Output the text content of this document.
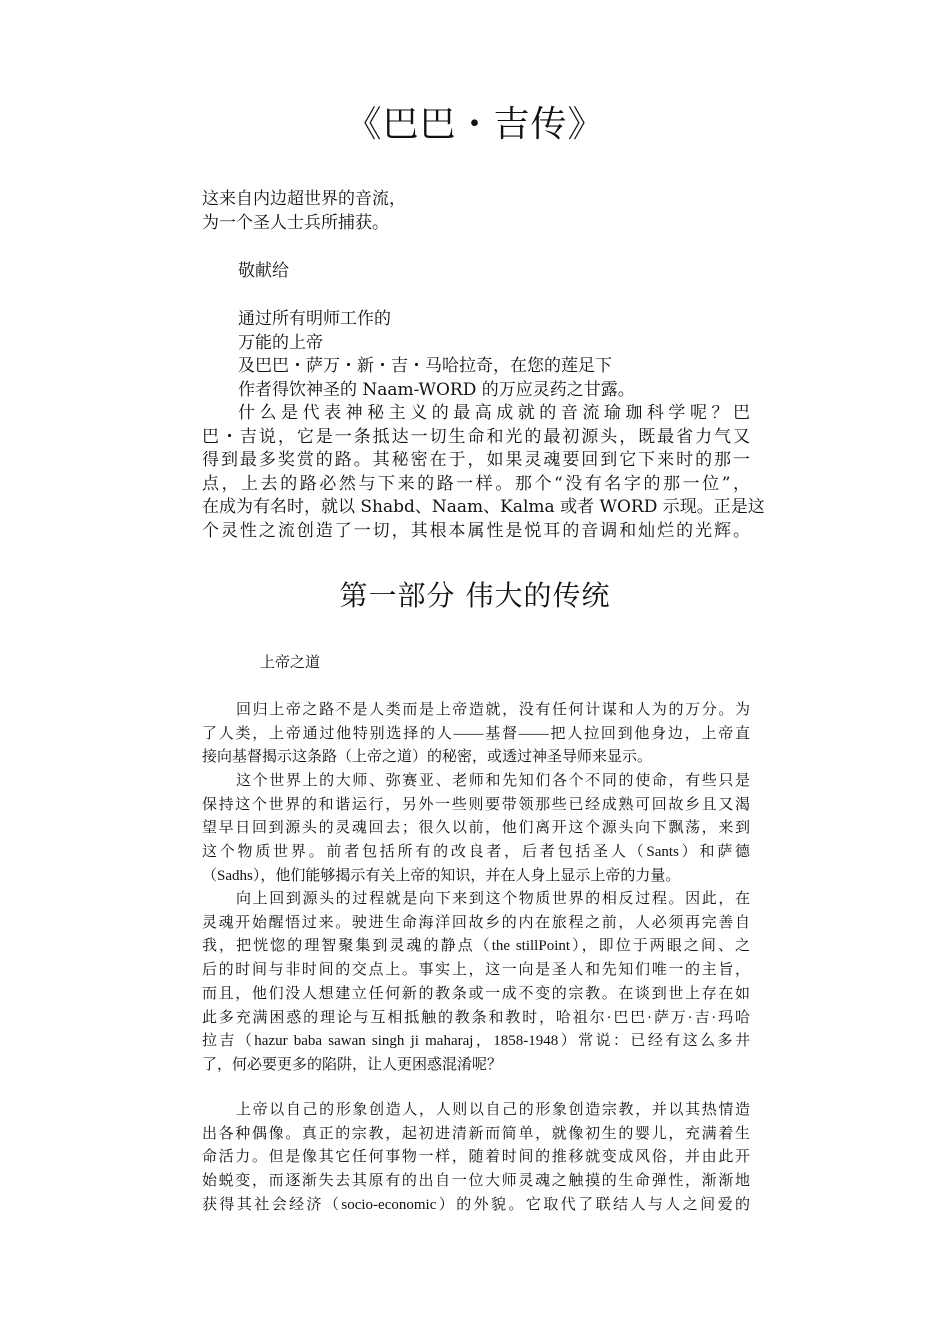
《巴巴・吉传》
这来自内边超世界的音流，
为一个圣人士兵所捕获。
敬献给
通过所有明师工作的
万能的上帝
及巴巴・萨万・新・吉・马哈拉奇，在您的莲足下
作者得饮神圣的 Naam-WORD 的万应灵药之甘露。
什么是代表神秘主义的最高成就的音流瑜珈科学呢？巴
巴・吉说，它是一条抵达一切生命和光的最初源头，既最省力气又
得到最多奖赏的路。其秘密在于，如果灵魂要回到它下来时的那一
点，上去的路必然与下来的路一样。那个“没有名字的那一位”，
在成为有名时，就以 Shabd、Naam、Kalma 或者 WORD 示现。正是这
个灵性之流创造了一切，其根本属性是悦耳的音调和灿烂的光辉。
第一部分 伟大的传统
上帝之道
回归上帝之路不是人类而是上帝造就，没有任何计谋和人为的万分。为
了人类，上帝通过他特别选择的人——基督——把人拉回到他身边，上帝直
接向基督揭示这条路（上帝之道）的秘密，或透过神圣导师来显示。
这个世界上的大师、弥赛亚、老师和先知们各个不同的使命，有些只是
保持这个世界的和谐运行，另外一些则要带领那些已经成熟可回故乡且又渴
望早日回到源头的灵魂回去；很久以前，他们离开这个源头向下飘荡，来到
这个物质世界。前者包括所有的改良者，后者包括圣人（Sants）和萨德
（Sadhs），他们能够揭示有关上帝的知识，并在人身上显示上帝的力量。
向上回到源头的过程就是向下来到这个物质世界的相反过程。因此，在
灵魂开始醒悟过来。驶进生命海洋回故乡的内在旅程之前，人必须再完善自
我，把恍惚的理智聚集到灵魂的静点（the stillPoint），即位于两眼之间、之
后的时间与非时间的交点上。事实上，这一向是圣人和先知们唯一的主旨，
而且，他们没人想建立任何新的教条或一成不变的宗教。在谈到世上存在如
此多充满困惑的理论与互相抵触的教条和教时，哈祖尔·巴巴·萨万·吉·玛哈
拉吉（hazur baba sawan singh ji maharaj，1858-1948）常说：已经有这么多井
了，何必要更多的陷阱，让人更困惑混淆呢？
上帝以自己的形象创造人，人则以自己的形象创造宗教，并以其热情造
出各种偶像。真正的宗教，起初进清新而简单，就像初生的婴儿，充满着生
命活力。但是像其它任何事物一样，随着时间的推移就变成风俗，并由此开
始蜕变，而逐渐失去其原有的出自一位大师灵魂之触摸的生命弹性，渐渐地
获得其社会经济（socio-economic）的外貌。它取代了联结人与人之间爱的
